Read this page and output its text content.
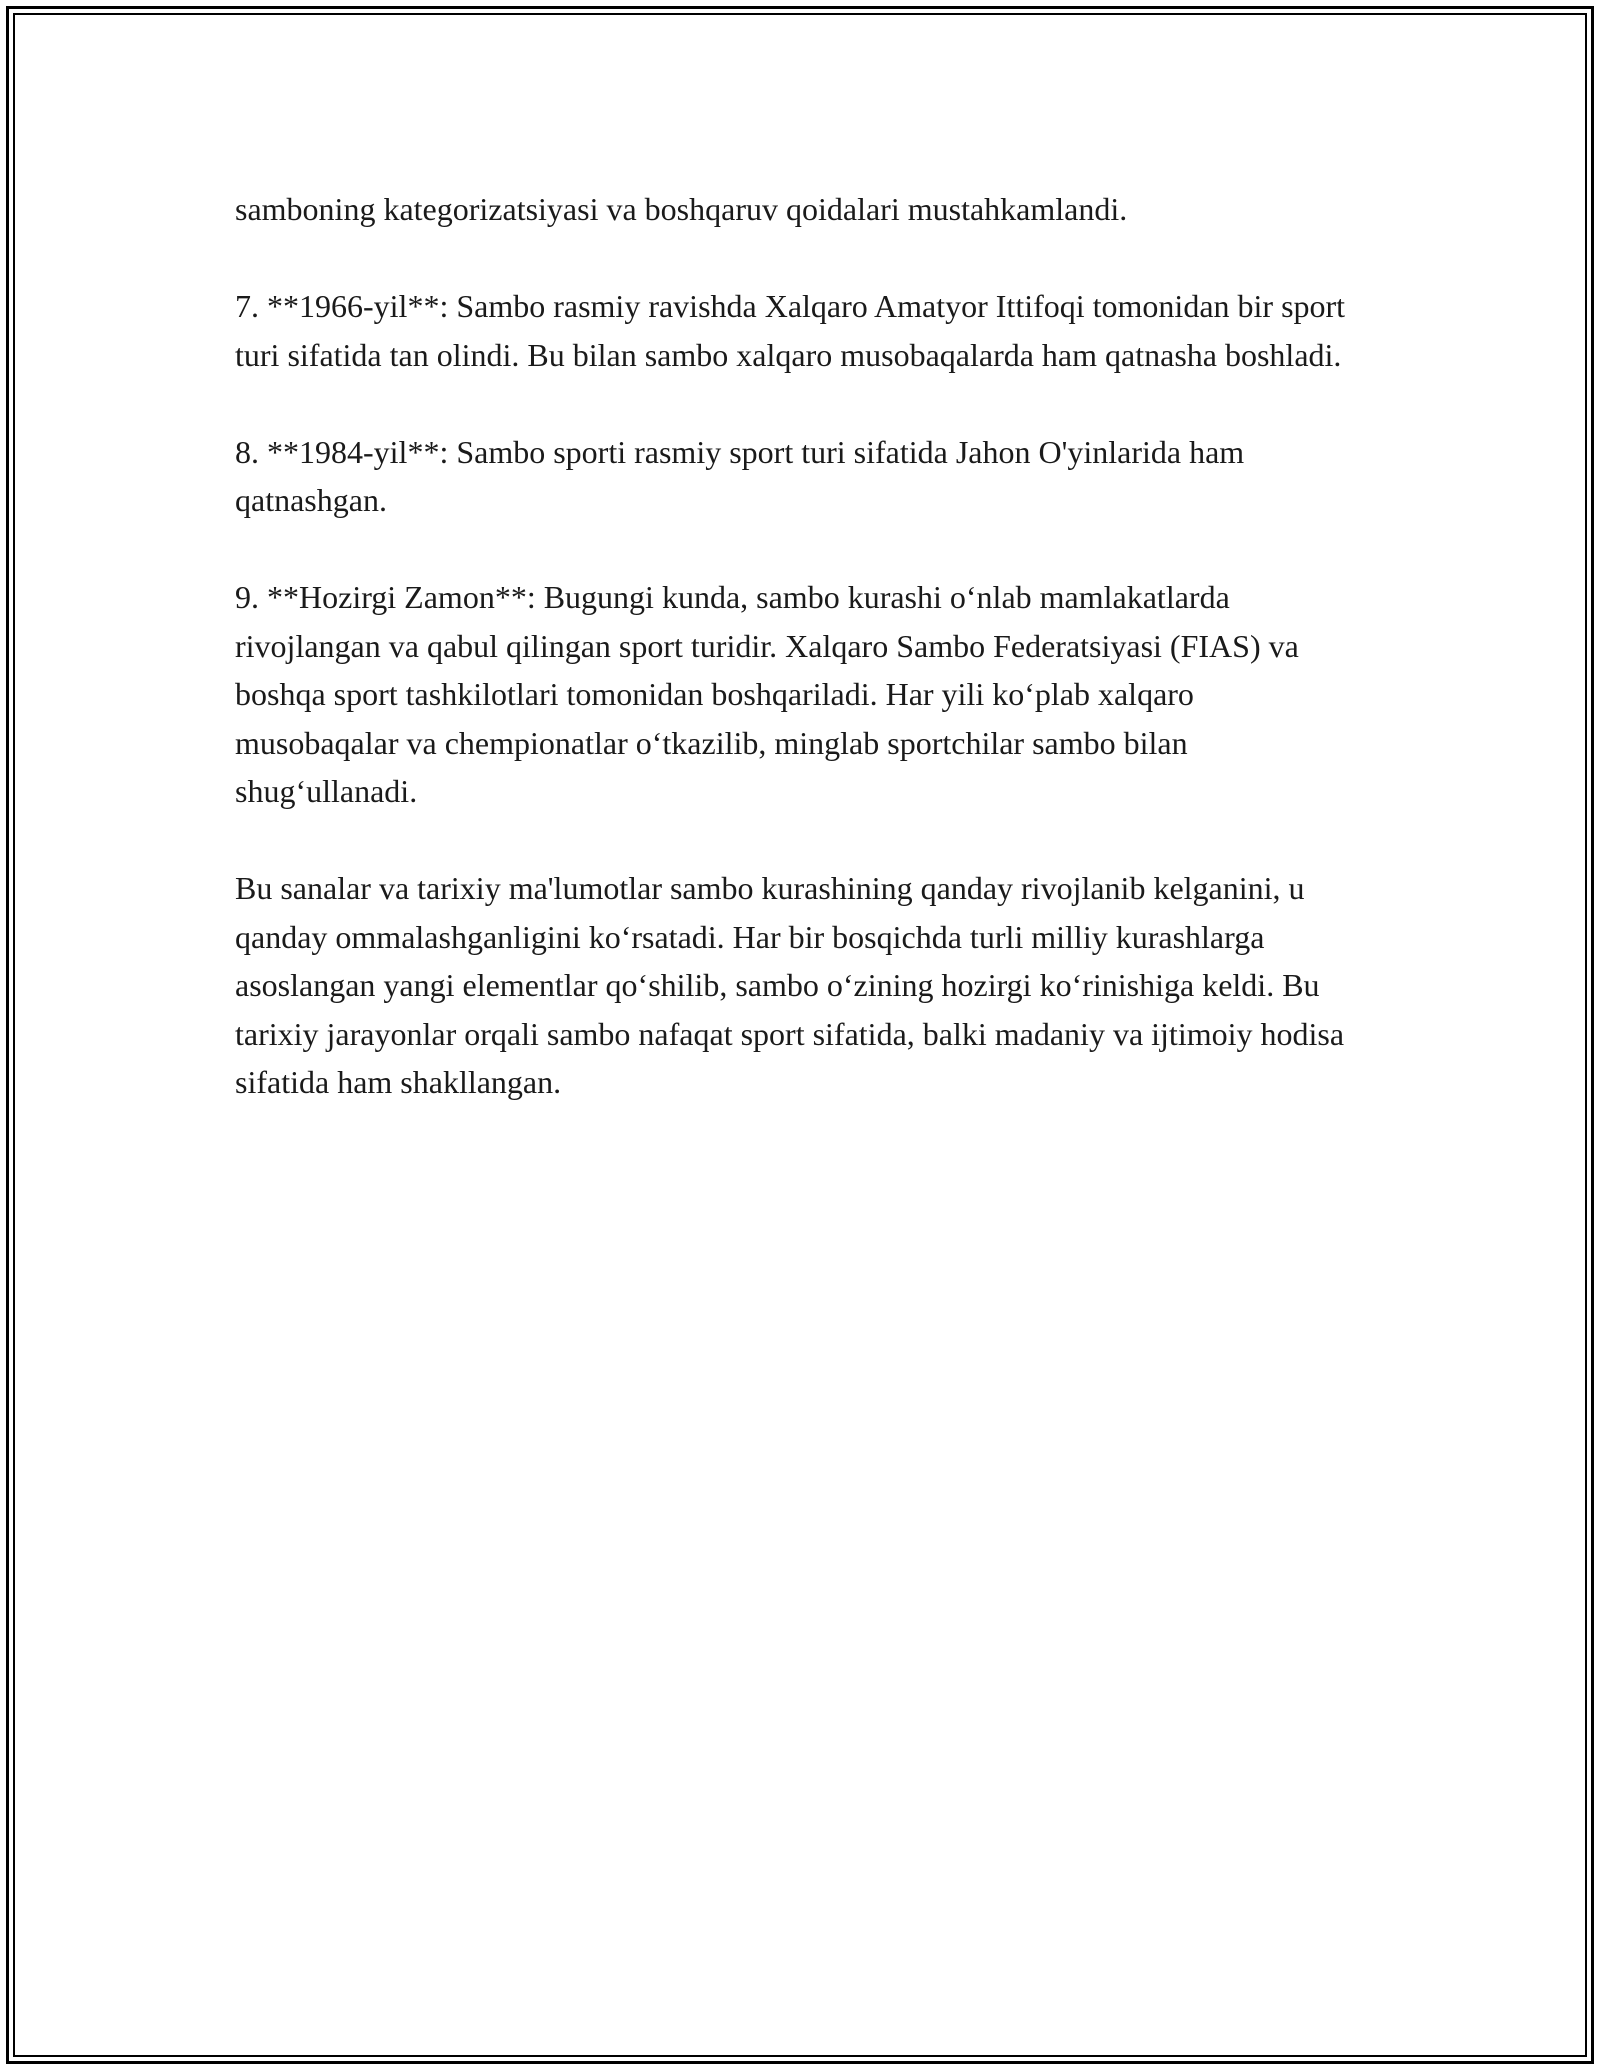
samboning kategorizatsiyasi va boshqaruv qoidalari mustahkamlandi.

7. **1966-yil**: Sambo rasmiy ravishda Xalqaro Amatyor Ittifoqi tomonidan bir sport turi sifatida tan olindi. Bu bilan sambo xalqaro musobaqalarda ham qatnasha boshladi.

8. **1984-yil**: Sambo sporti rasmiy sport turi sifatida Jahon O'yinlarida ham qatnashgan.

9. **Hozirgi Zamon**: Bugungi kunda, sambo kurashi o‘nlab mamlakatlarda rivojlangan va qabul qilingan sport turidir. Xalqaro Sambo Federatsiyasi (FIAS) va boshqa sport tashkilotlari tomonidan boshqariladi. Har yili ko‘plab xalqaro musobaqalar va chempionatlar o‘tkazilib, minglab sportchilar sambo bilan shug‘ullanadi.

Bu sanalar va tarixiy ma'lumotlar sambo kurashining qanday rivojlanib kelganini, u qanday ommalashganligini ko‘rsatadi. Har bir bosqichda turli milliy kurashlarga asoslangan yangi elementlar qo‘shilib, sambo o‘zining hozirgi ko‘rinishiga keldi. Bu tarixiy jarayonlar orqali sambo nafaqat sport sifatida, balki madaniy va ijtimoiy hodisa sifatida ham shakllangan.
